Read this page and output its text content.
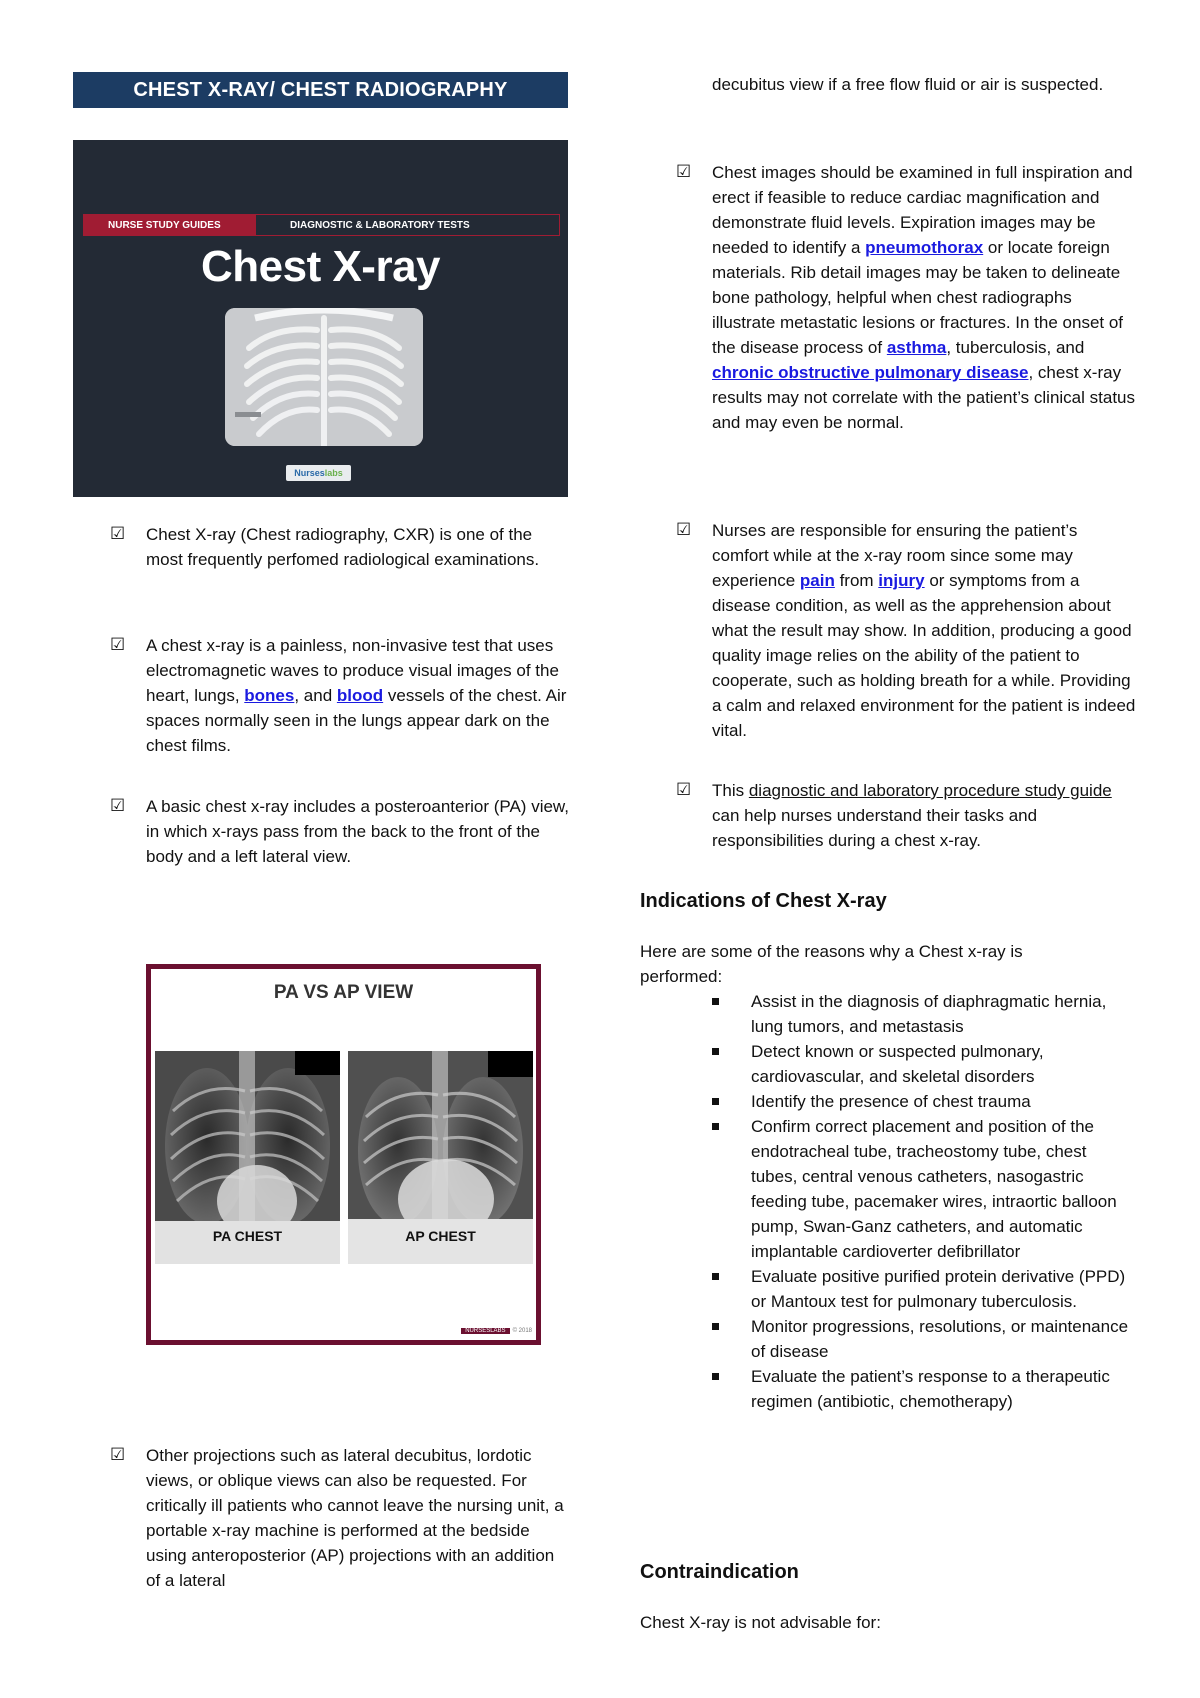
CHEST X-RAY/ CHEST RADIOGRAPHY
NURSE STUDY GUIDES	DIAGNOSTIC & LABORATORY TESTS
Chest X-ray
Nurses labs
☑	Chest X-ray (Chest radiography, CXR) is one of the most frequently perfomed radiological examinations.
☑	A chest x-ray is a painless, non-invasive test that uses electromagnetic waves to produce visual images of the heart, lungs, bones, and blood vessels of the chest. Air spaces normally seen in the lungs appear dark on the chest films.
☑	A basic chest x-ray includes a posteroanterior (PA) view, in which x-rays pass from the back to the front of the body and a left lateral view.
PA VS AP VIEW
PA CHEST	AP CHEST
NURSESLABS	© 2018
☑	Other projections such as lateral decubitus, lordotic views, or oblique views can also be requested. For critically ill patients who cannot leave the nursing unit, a portable x-ray machine is performed at the bedside using anteroposterior (AP) projections with an addition of a lateral
decubitus view if a free flow fluid or air is suspected.
☑	Chest images should be examined in full inspiration and erect if feasible to reduce cardiac magnification and demonstrate fluid levels. Expiration images may be needed to identify a pneumothorax or locate foreign materials. Rib detail images may be taken to delineate bone pathology, helpful when chest radiographs illustrate metastatic lesions or fractures. In the onset of the disease process of asthma, tuberculosis, and chronic obstructive pulmonary disease, chest x-ray results may not correlate with the patient’s clinical status and may even be normal.
☑	Nurses are responsible for ensuring the patient’s comfort while at the x-ray room since some may experience pain from injury or symptoms from a disease condition, as well as the apprehension about what the result may show. In addition, producing a good quality image relies on the ability of the patient to cooperate, such as holding breath for a while. Providing a calm and relaxed environment for the patient is indeed vital.
☑	This diagnostic and laboratory procedure study guide can help nurses understand their tasks and responsibilities during a chest x-ray.
Indications of Chest X-ray
Here are some of the reasons why a Chest x-ray is performed:
Assist in the diagnosis of diaphragmatic hernia, lung tumors, and metastasis
Detect known or suspected pulmonary, cardiovascular, and skeletal disorders
Identify the presence of chest trauma
Confirm correct placement and position of the endotracheal tube, tracheostomy tube, chest tubes, central venous catheters, nasogastric feeding tube, pacemaker wires, intraortic balloon pump, Swan-Ganz catheters, and automatic implantable cardioverter defibrillator
Evaluate positive purified protein derivative (PPD) or Mantoux test for pulmonary tuberculosis.
Monitor progressions, resolutions, or maintenance of disease
Evaluate the patient’s response to a therapeutic regimen (antibiotic, chemotherapy)
Contraindication
Chest X-ray is not advisable for:
